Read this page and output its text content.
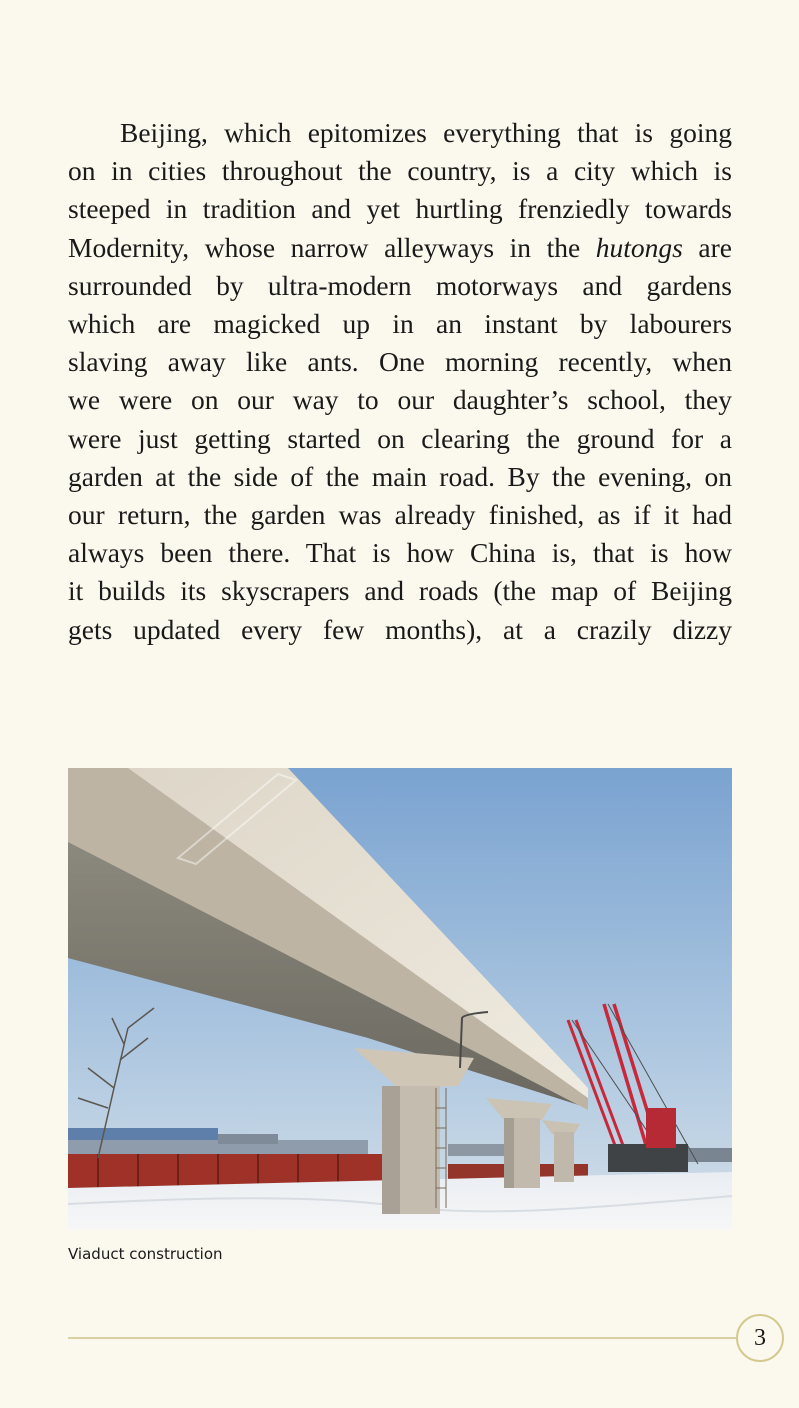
Beijing, which epitomizes everything that is going
on in cities throughout the country, is a city which is
steeped in tradition and yet hurtling frenziedly towards
Modernity, whose narrow alleyways in the hutongs are
surrounded by ultra-modern motorways and gardens
which are magicked up in an instant by labourers
slaving away like ants. One morning recently, when
we were on our way to our daughter’s school, they
were just getting started on clearing the ground for a
garden at the side of the main road. By the evening, on
our return, the garden was already finished, as if it had
always been there. That is how China is, that is how
it builds its skyscrapers and roads (the map of Beijing
gets updated every few months), at a crazily dizzy

Viaduct construction

3
